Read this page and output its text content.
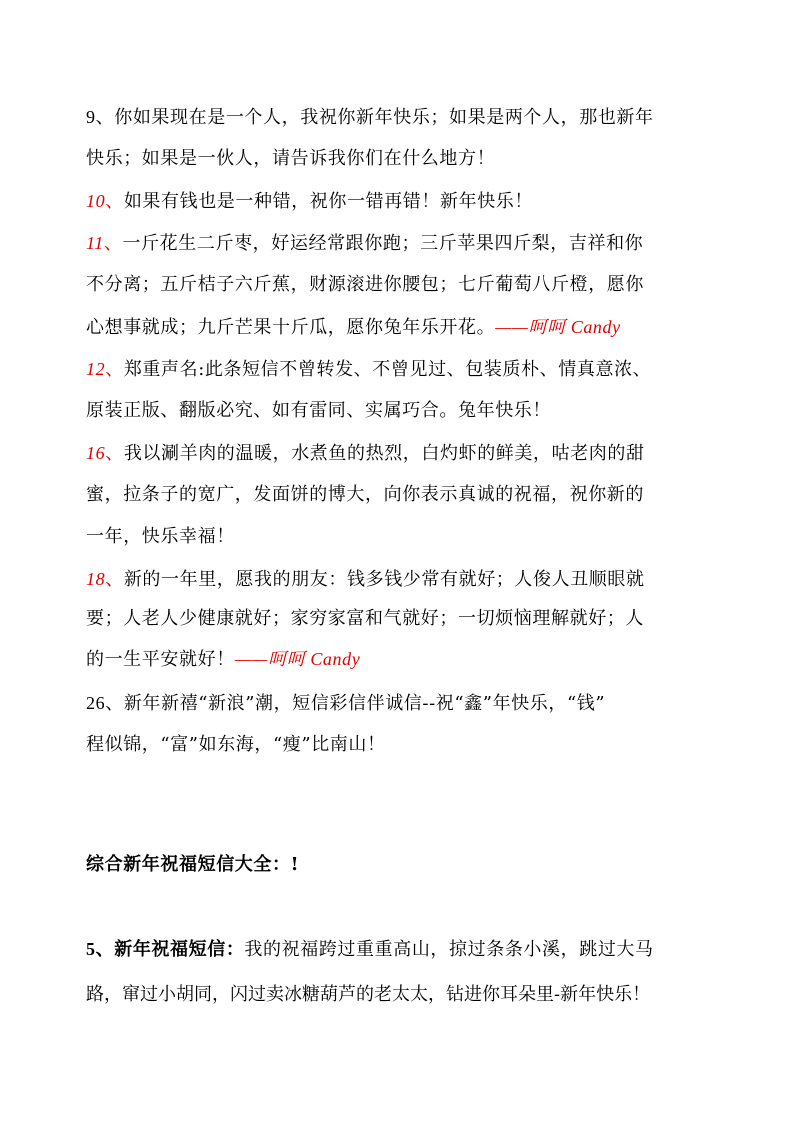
9、你如果现在是一个人，我祝你新年快乐；如果是两个人，那也新年
快乐；如果是一伙人，请告诉我你们在什么地方！
10、如果有钱也是一种错，祝你一错再错！新年快乐！
11、一斤花生二斤枣，好运经常跟你跑；三斤苹果四斤梨，吉祥和你
不分离；五斤桔子六斤蕉，财源滚进你腰包；七斤葡萄八斤橙，愿你
心想事就成；九斤芒果十斤瓜，愿你兔年乐开花。——呵呵 Candy
12、郑重声名:此条短信不曾转发、不曾见过、包装质朴、情真意浓、
原装正版、翻版必究、如有雷同、实属巧合。兔年快乐！
16、我以涮羊肉的温暖，水煮鱼的热烈，白灼虾的鲜美，咕老肉的甜
蜜，拉条子的宽广，发面饼的博大，向你表示真诚的祝福，祝你新的
一年，快乐幸福！
18、新的一年里，愿我的朋友：钱多钱少常有就好；人俊人丑顺眼就
要；人老人少健康就好；家穷家富和气就好；一切烦恼理解就好；人
的一生平安就好！——呵呵 Candy
26、新年新禧“新浪”潮，短信彩信伴诚信--祝“鑫”年快乐，“钱”
程似锦，“富”如东海，“瘦”比南山！
综合新年祝福短信大全：!
5、新年祝福短信：我的祝福跨过重重高山，掠过条条小溪，跳过大马
路，窜过小胡同，闪过卖冰糖葫芦的老太太，钻进你耳朵里-新年快乐！
